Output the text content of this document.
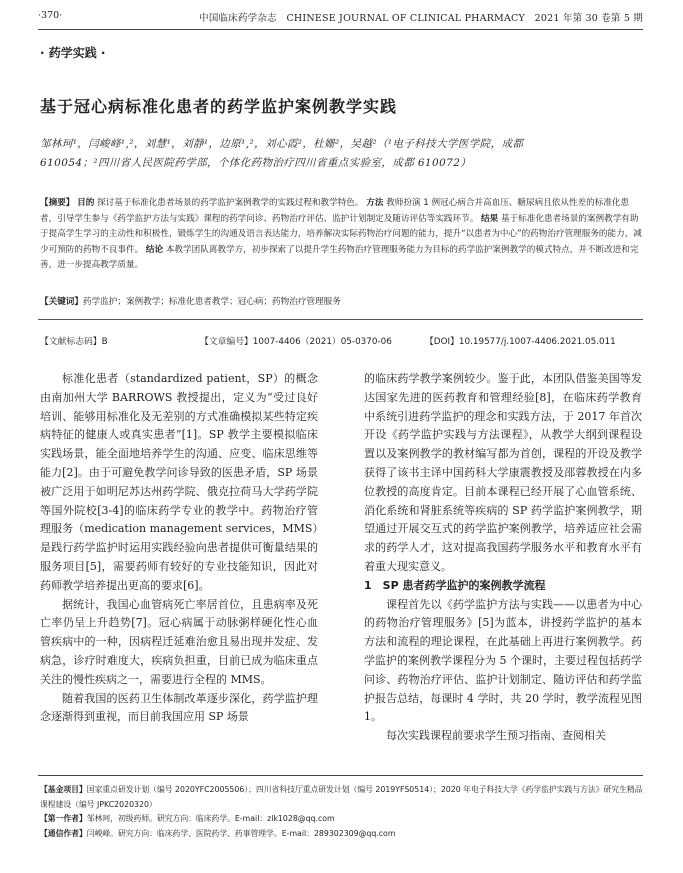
·370·	中国临床药学杂志　CHINESE JOURNAL OF CLINICAL PHARMACY　2021 年第 30 卷第 5 期
· 药学实践 ·
基于冠心病标准化患者的药学监护案例教学实践

邹林珂¹，闫峻峰¹,²，刘慧¹，刘静¹，边原¹,²，刘心霞²，杜姗²，吴越²（¹电子科技大学医学院，成都

610054；²四川省人民医院药学部，个体化药物治疗四川省重点实验室，成都 610072）

【摘要】 目的 探讨基于标准化患者场景的药学监护案例教学的实践过程和教学特色。 方法 教师扮演 1 例冠心病合并高血压、糖尿病且依从性差的标准化患者，引导学生参与《药学监护方法与实践》课程的药学问诊、药物治疗评估、监护计划制定及随访评估等实践环节。 结果 基于标准化患者场景的案例教学有助于提高学生学习的主动性和积极性，锻炼学生的沟通及语言表达能力，培养解决实际药物治疗问题的能力，提升“以患者为中心”的药物治疗管理服务的能力，减少可预防的药物不良事件。 结论 本教学团队离教学方，初步探索了以提升学生药物治疗管理服务能力为目标的药学监护案例教学的模式特点，并不断改进和完善，进一步提高教学质量。

【关键词】药学监护；案例教学；标准化患者教学；冠心病；药物治疗管理服务
【文献标志码】B	【文章编号】1007-4406（2021）05-0370-06	【DOI】10.19577/j.1007-4406.2021.05.011

标准化患者（standardized patient，SP）的概念由南加州大学 BARROWS 教授提出，定义为“受过良好培训、能够用标准化及无差别的方式准确模拟某些特定疾病特征的健康人或真实患者”[1]。SP 教学主要模拟临床实践场景，能全面地培养学生的沟通、应变、临床思维等能力[2]。由于可避免教学问诊导致的医患矛盾，SP 场景被广泛用于如明尼苏达州药学院、俄克拉荷马大学药学院等国外院校[3-4]的临床药学专业的教学中。药物治疗管理服务（medication management services，MMS）是践行药学监护时运用实践经验向患者提供可衡量结果的服务项目[5]，需要药师有较好的专业技能知识，因此对药师教学培养提出更高的要求[6]。

据统计，我国心血管病死亡率居首位，且患病率及死亡率仍呈上升趋势[7]。冠心病属于动脉粥样硬化性心血管疾病中的一种，因病程迁延难治愈且易出现并发症、发病急，诊疗时难度大，疾病负担重，目前已成为临床重点关注的慢性疾病之一，需要进行全程的 MMS。

随着我国的医药卫生体制改革逐步深化，药学监护理念逐渐得到重视，而目前我国应用 SP 场景

的临床药学教学案例较少。鉴于此，本团队借鉴美国等发达国家先进的医药教育和管理经验[8]，在临床药学教育中系统引进药学监护的理念和实践方法，于 2017 年首次开设《药学监护实践与方法课程》，从教学大纲到课程设置以及案例教学的教材编写都为首创，课程的开设及教学获得了该书主译中国药科大学康震教授及邵蓉教授在内多位教授的高度肯定。目前本课程已经开展了心血管系统、消化系统和肾脏系统等疾病的 SP 药学监护案例教学，期望通过开展交互式的药学监护案例教学，培养适应社会需求的药学人才，这对提高我国药学服务水平和教育水平有着重大现实意义。

1　SP 患者药学监护的案例教学流程

课程首先以《药学监护方法与实践——以患者为中心的药物治疗管理服务》[5]为蓝本，讲授药学监护的基本方法和流程的理论课程，在此基础上再进行案例教学。药学监护的案例教学课程分为 5 个课时，主要过程包括药学问诊、药物治疗评估、监护计划制定、随访评估和药学监护报告总结，每课时 4 学时，共 20 学时，教学流程见图 1。

每次实践课程前要求学生预习指南、查阅相关

【基金项目】国家重点研发计划（编号 2020YFC2005506）；四川省科技厅重点研发计划（编号 2019YFS0514）；2020 年电子科技大学《药学监护实践与方法》研究生精品课程建设（编号 JPKC2020320）

【第一作者】邹林珂，初级药师。研究方向：临床药学。E-mail：zlk1028@qq.com

【通信作者】闫峻峰。研究方向：临床药学、医院药学、药事管理学。E-mail：289302309@qq.com
